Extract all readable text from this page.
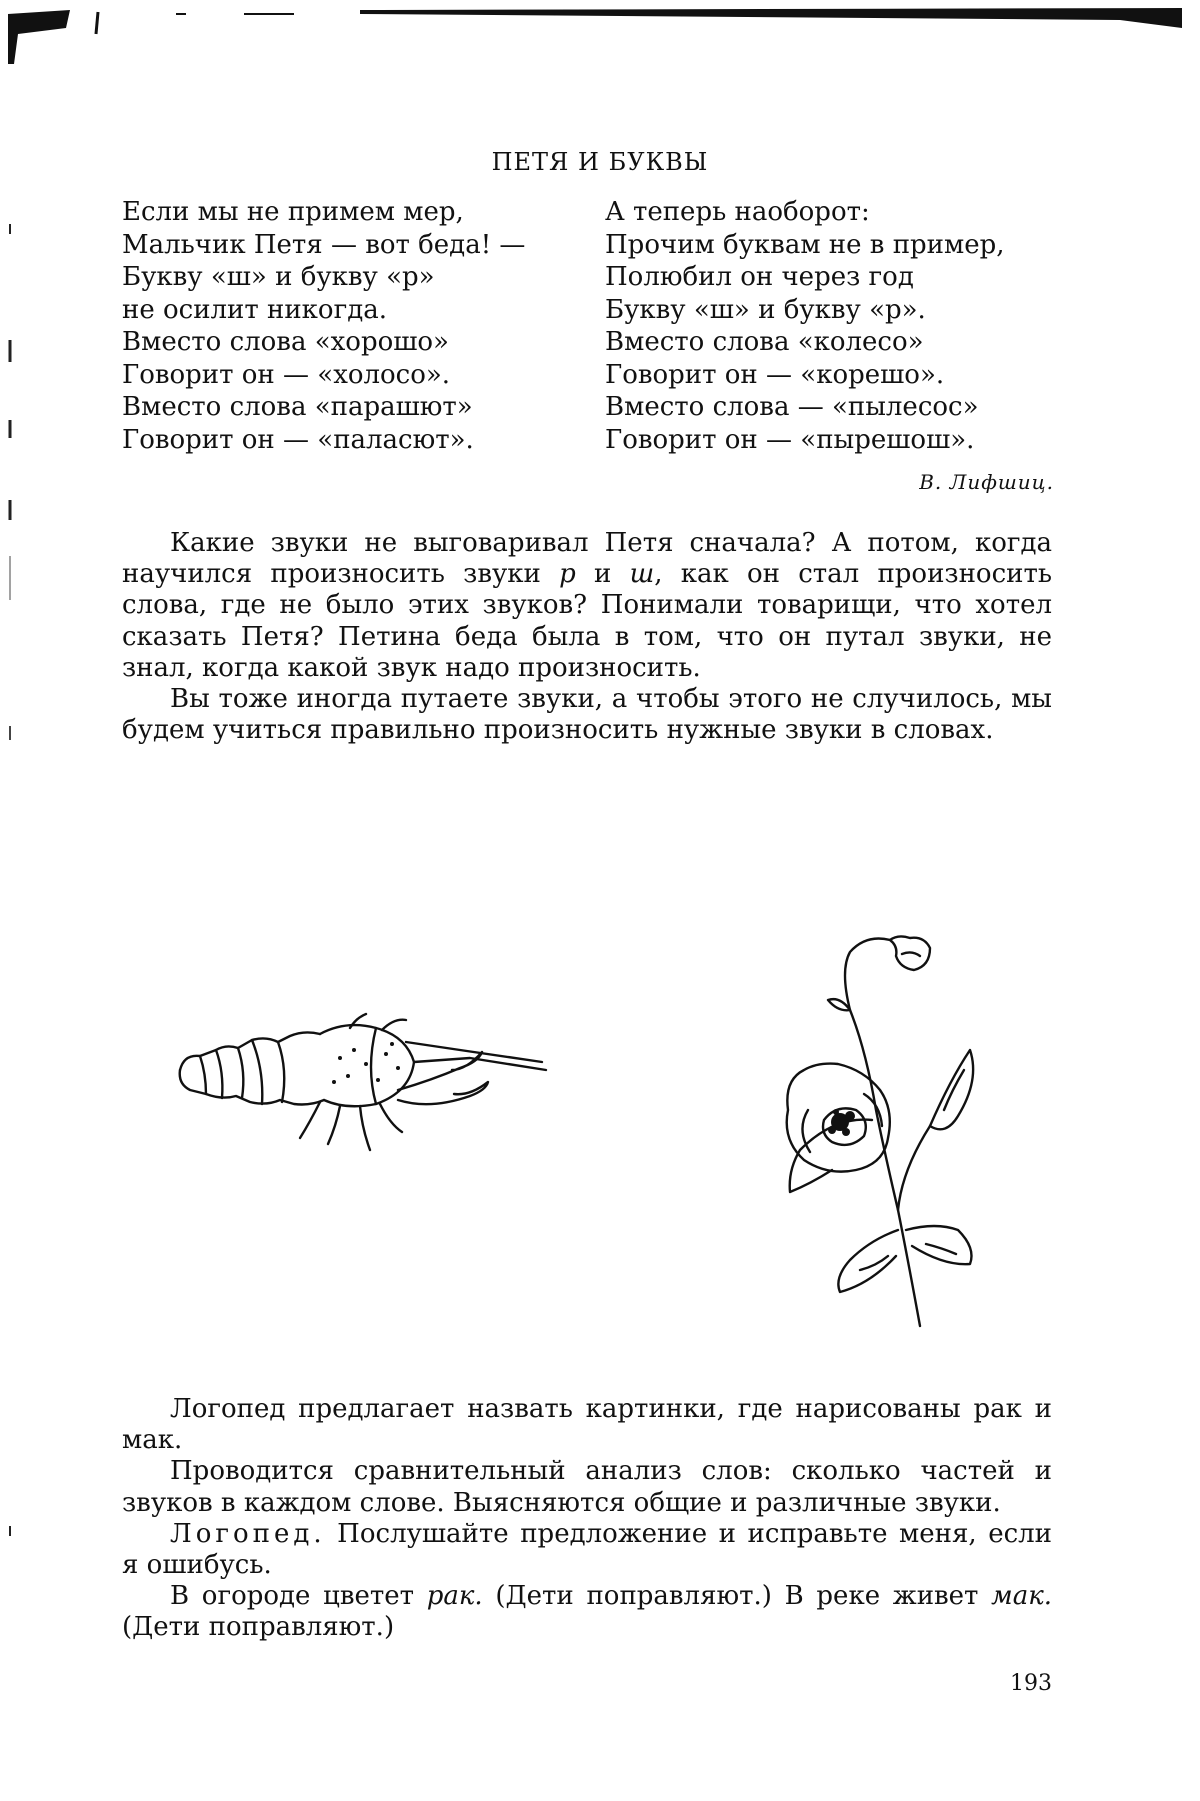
ПЕТЯ И БУКВЫ
Если мы не примем мер,
Мальчик Петя — вот беда! —
Букву «ш» и букву «р»
не осилит никогда.
Вместо слова «хорошо»
Говорит он — «холосо».
Вместо слова «парашют»
Говорит он — «паласют».
А теперь наоборот:
Прочим буквам не в пример,
Полюбил он через год
Букву «ш» и букву «р».
Вместо слова «колесо»
Говорит он — «корешо».
Вместо слова — «пылесос»
Говорит он — «пырешош».
В. Лифшиц.

Какие звуки не выговаривал Петя сначала? А потом, когда научился произносить звуки р и ш, как он стал произносить слова, где не было этих звуков? Понимали товарищи, что хотел сказать Петя? Петина беда была в том, что он путал звуки, не знал, когда какой звук надо произносить.

Вы тоже иногда путаете звуки, а чтобы этого не случилось, мы будем учиться правильно произносить нужные звуки в словах.

Логопед предлагает назвать картинки, где нарисованы рак и мак.

Проводится сравнительный анализ слов: сколько частей и звуков в каждом слове. Выясняются общие и различные звуки.

Логопед. Послушайте предложение и исправьте меня, если я ошибусь.

В огороде цветет рак. (Дети поправляют.) В реке живет мак. (Дети поправляют.)

193
